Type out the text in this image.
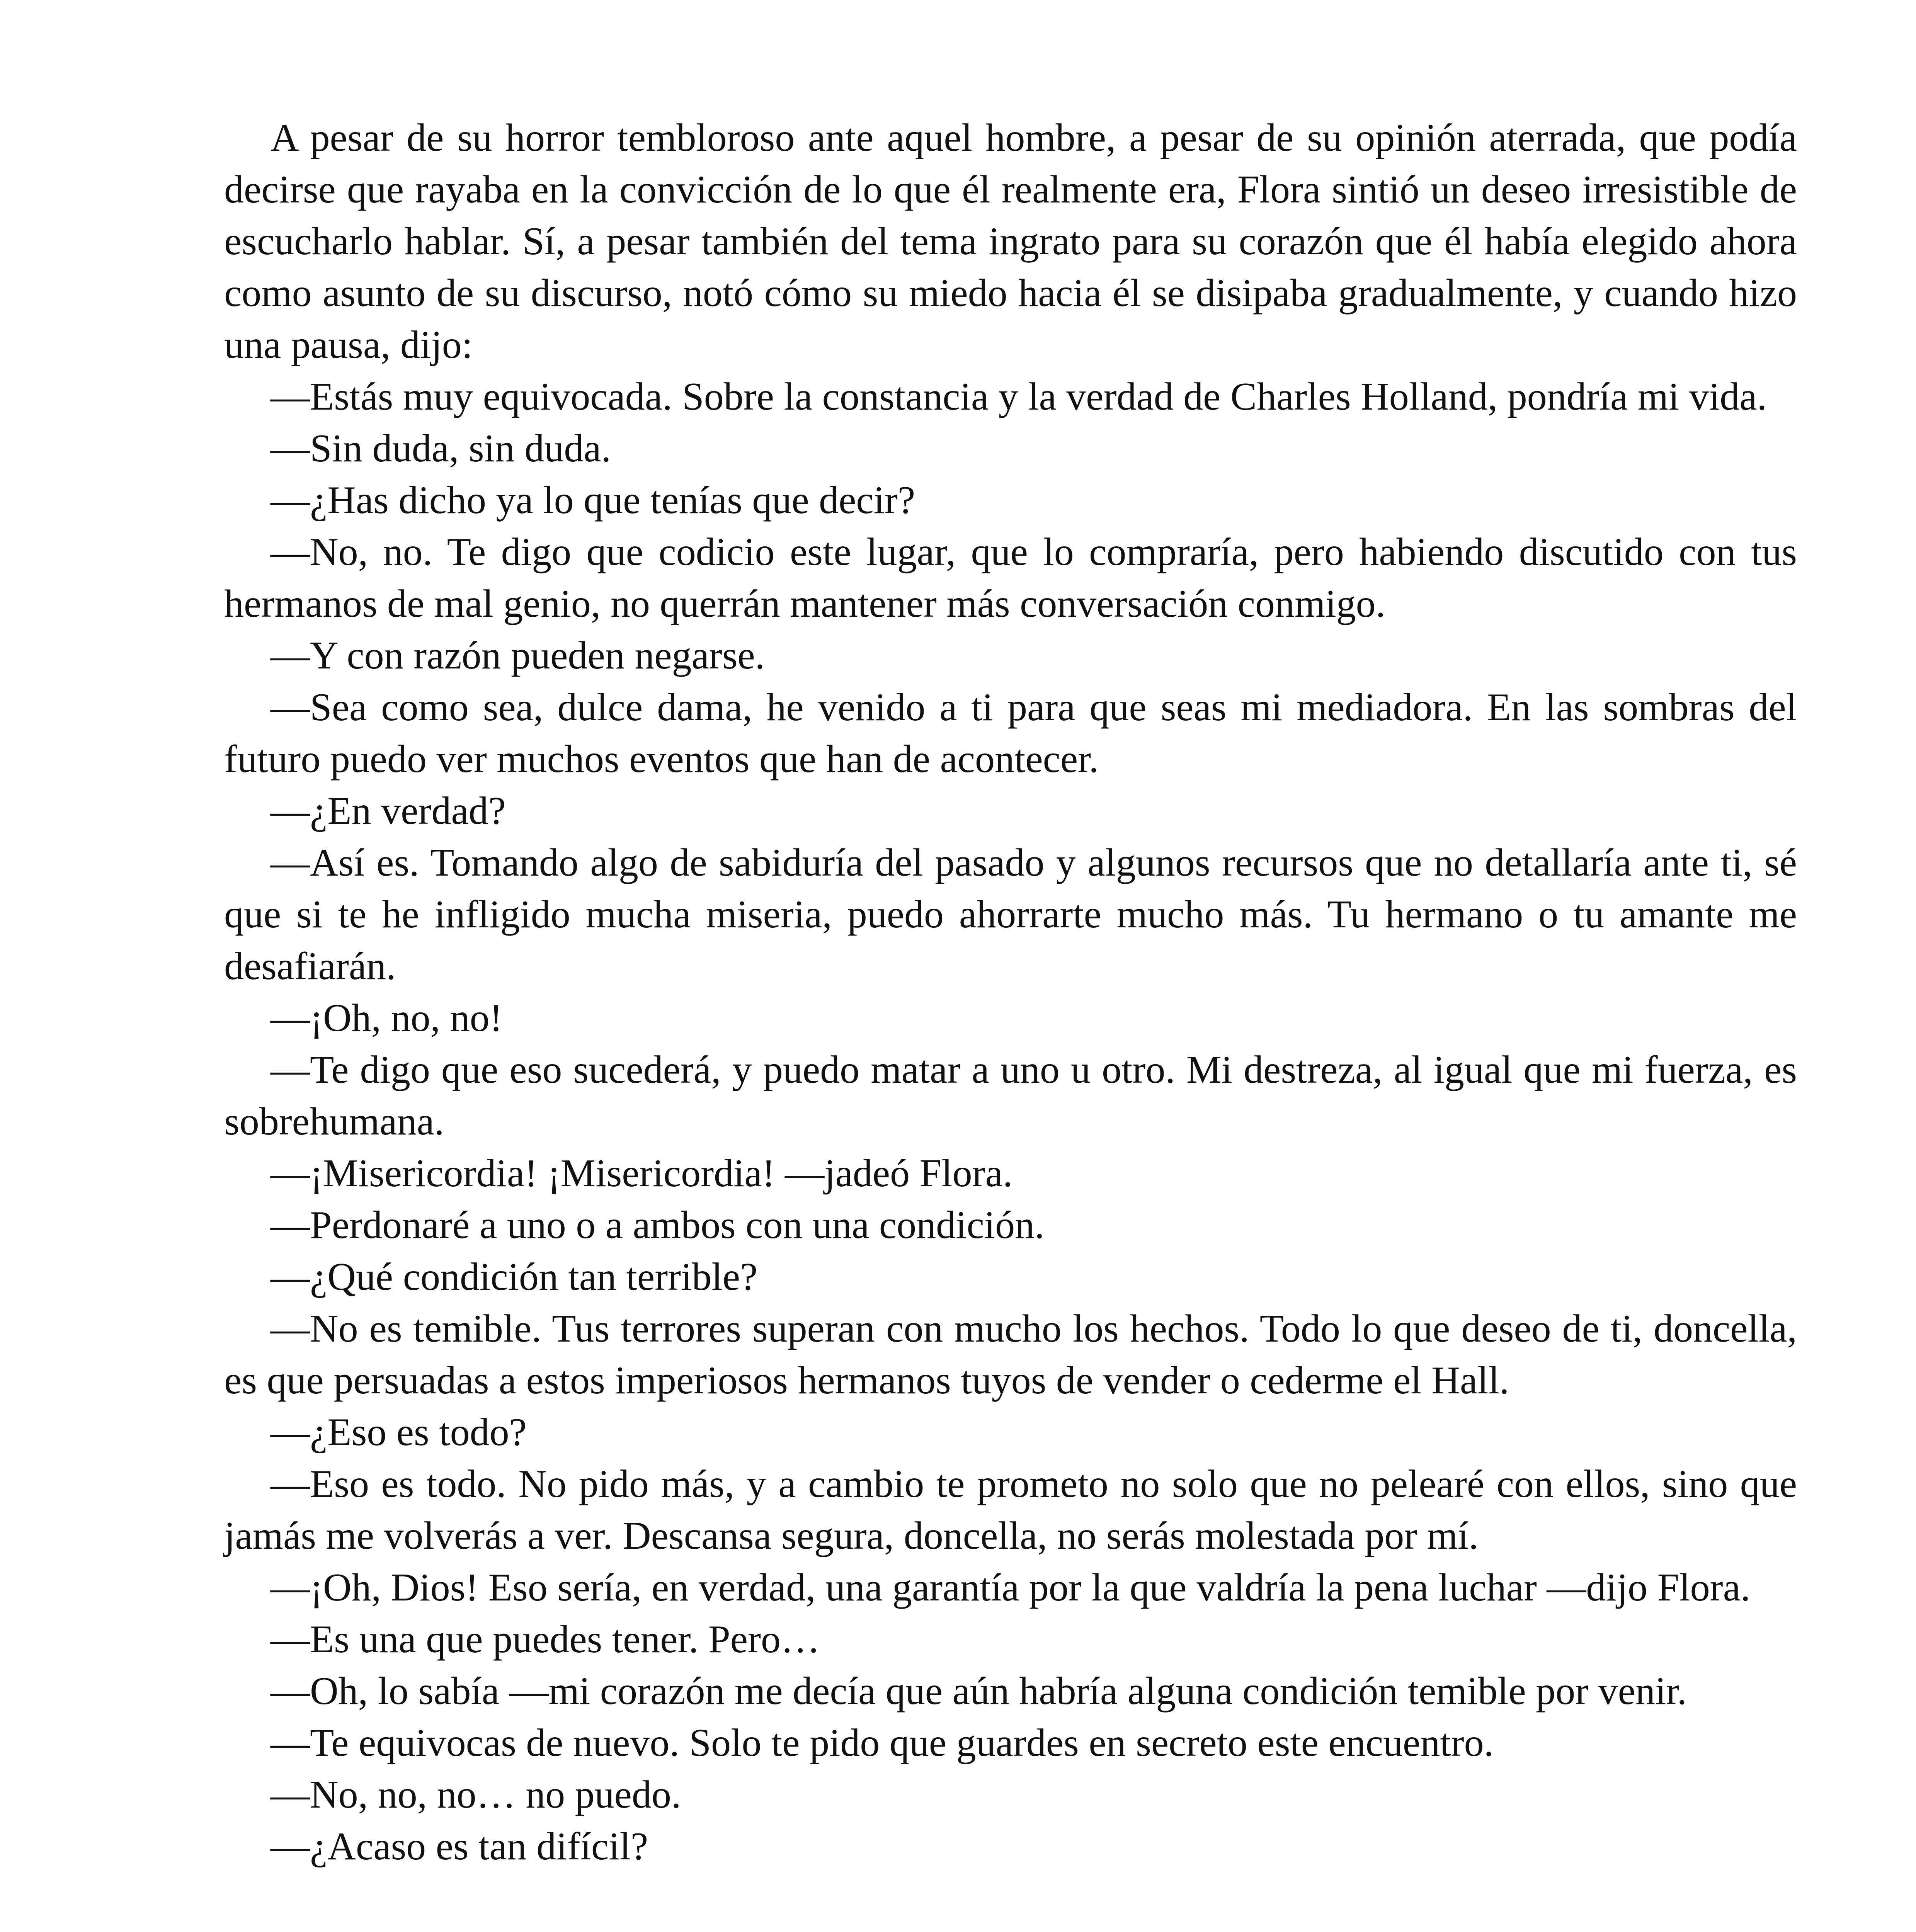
A pesar de su horror tembloroso ante aquel hombre, a pesar de su opinión aterrada, que podía decirse que rayaba en la convicción de lo que él realmente era, Flora sintió un deseo irresistible de escucharlo hablar. Sí, a pesar también del tema ingrato para su corazón que él había elegido ahora como asunto de su discurso, notó cómo su miedo hacia él se disipaba gradualmente, y cuando hizo una pausa, dijo:

—Estás muy equivocada. Sobre la constancia y la verdad de Charles Holland, pondría mi vida.

—Sin duda, sin duda.

—¿Has dicho ya lo que tenías que decir?

—No, no. Te digo que codicio este lugar, que lo compraría, pero habiendo discutido con tus hermanos de mal genio, no querrán mantener más conversación conmigo.

—Y con razón pueden negarse.

—Sea como sea, dulce dama, he venido a ti para que seas mi mediadora. En las sombras del futuro puedo ver muchos eventos que han de acontecer.

—¿En verdad?

—Así es. Tomando algo de sabiduría del pasado y algunos recursos que no detallaría ante ti, sé que si te he infligido mucha miseria, puedo ahorrarte mucho más. Tu hermano o tu amante me desafiarán.

—¡Oh, no, no!

—Te digo que eso sucederá, y puedo matar a uno u otro. Mi destreza, al igual que mi fuerza, es sobrehumana.

—¡Misericordia! ¡Misericordia! —jadeó Flora.

—Perdonaré a uno o a ambos con una condición.

—¿Qué condición tan terrible?

—No es temible. Tus terrores superan con mucho los hechos. Todo lo que deseo de ti, doncella, es que persuadas a estos imperiosos hermanos tuyos de vender o cederme el Hall.

—¿Eso es todo?

—Eso es todo. No pido más, y a cambio te prometo no solo que no pelearé con ellos, sino que jamás me volverás a ver. Descansa segura, doncella, no serás molestada por mí.

—¡Oh, Dios! Eso sería, en verdad, una garantía por la que valdría la pena luchar —dijo Flora.

—Es una que puedes tener. Pero…

—Oh, lo sabía —mi corazón me decía que aún habría alguna condición temible por venir.

—Te equivocas de nuevo. Solo te pido que guardes en secreto este encuentro.

—No, no, no… no puedo.

—¿Acaso es tan difícil?
